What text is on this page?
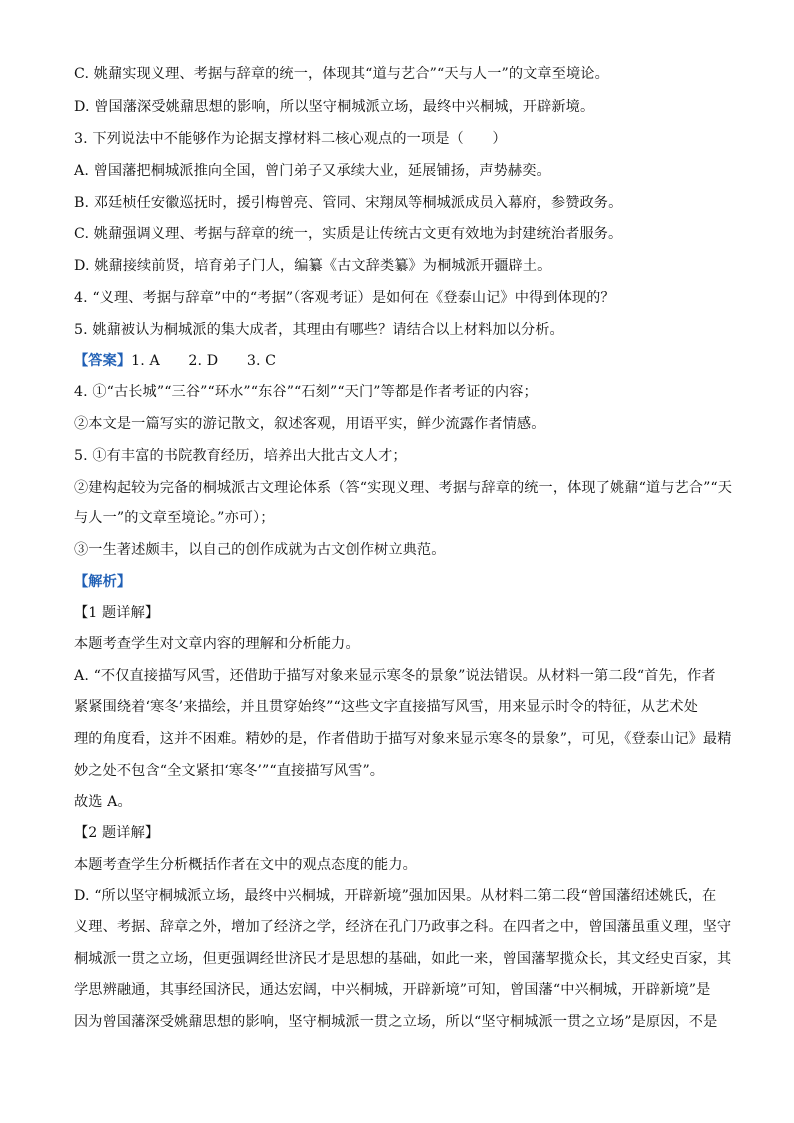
C. 姚鼐实现义理、考据与辞章的统一，体现其“道与艺合”“天与人一”的文章至境论。
D. 曾国藩深受姚鼐思想的影响，所以坚守桐城派立场，最终中兴桐城，开辟新境。
3. 下列说法中不能够作为论据支撑材料二核心观点的一项是（　　）
A. 曾国藩把桐城派推向全国，曾门弟子又承续大业，延展铺扬，声势赫奕。
B. 邓廷桢任安徽巡抚时，援引梅曾亮、管同、宋翔凤等桐城派成员入幕府，参赞政务。
C. 姚鼐强调义理、考据与辞章的统一，实质是让传统古文更有效地为封建统治者服务。
D. 姚鼐接续前贤，培育弟子门人，编纂《古文辞类纂》为桐城派开疆辟土。
4. “义理、考据与辞章”中的“考据”（客观考证）是如何在《登泰山记》中得到体现的？
5. 姚鼐被认为桐城派的集大成者，其理由有哪些？请结合以上材料加以分析。
【答案】1. A　　2. D　　3. C
4. ①“古长城”“三谷”“环水”“东谷”“石刻”“天门”等都是作者考证的内容；
②本文是一篇写实的游记散文，叙述客观，用语平实，鲜少流露作者情感。
5. ①有丰富的书院教育经历，培养出大批古文人才；
②建构起较为完备的桐城派古文理论体系（答“实现义理、考据与辞章的统一，体现了姚鼐“道与艺合”“天
与人一”的文章至境论。”亦可）；
③一生著述颇丰，以自己的创作成就为古文创作树立典范。
【解析】
【1 题详解】
本题考查学生对文章内容的理解和分析能力。
A. “不仅直接描写风雪，还借助于描写对象来显示寒冬的景象”说法错误。从材料一第二段“首先，作者
紧紧围绕着‘寒冬’来描绘，并且贯穿始终”“这些文字直接描写风雪，用来显示时令的特征，从艺术处
理的角度看，这并不困难。精妙的是，作者借助于描写对象来显示寒冬的景象”，可见，《登泰山记》最精
妙之处不包含“全文紧扣‘寒冬’”“直接描写风雪”。
故选 A。
【2 题详解】
本题考查学生分析概括作者在文中的观点态度的能力。
D. “所以坚守桐城派立场，最终中兴桐城，开辟新境”强加因果。从材料二第二段“曾国藩绍述姚氏，在
义理、考据、辞章之外，增加了经济之学，经济在孔门乃政事之科。在四者之中，曾国藩虽重义理，坚守
桐城派一贯之立场，但更强调经世济民才是思想的基础，如此一来，曾国藩挈揽众长，其文经史百家，其
学思辨融通，其事经国济民，通达宏阔，中兴桐城，开辟新境”可知，曾国藩“中兴桐城，开辟新境”是
因为曾国藩深受姚鼐思想的影响，坚守桐城派一贯之立场，所以“坚守桐城派一贯之立场”是原因，不是
